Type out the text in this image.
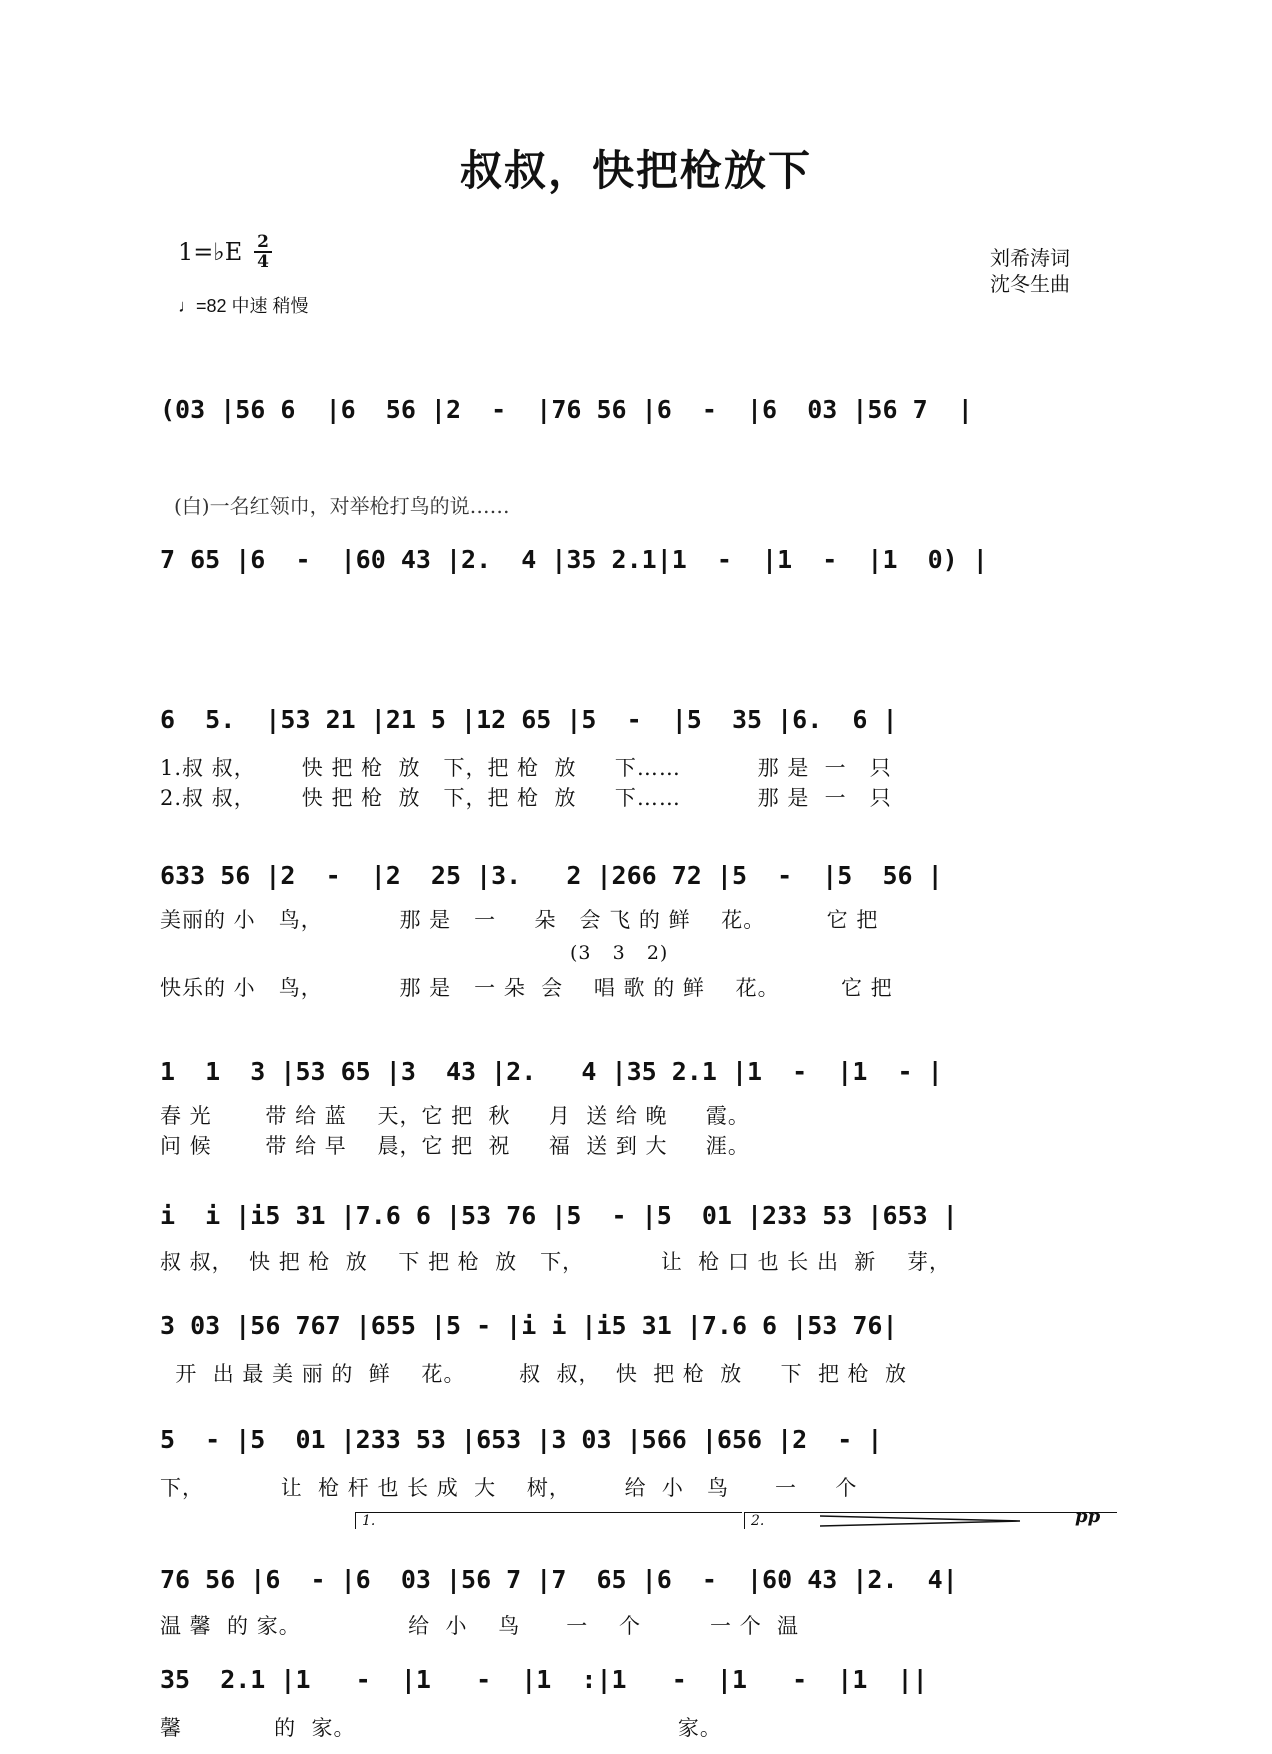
叔叔，快把枪放下
1=♭E 2
4
♩=82 中速 稍慢
刘希涛词
沈冬生曲
(03 |56 6  |6  56 |2  -  |76 56 |6  -  |6  03 |56 7  |
7 65 |6  -  |60 43 |2.  4 |35 2.1|1  -  |1  -  |1  0) |
(白)一名红领巾，对举枪打鸟的说……
6  5.  |53 21 |21 5 |12 65 |5  -  |5  35 |6.  6 |
1.叔 叔，      快 把 枪  放   下，把 枪  放     下……          那 是  一   只
2.叔 叔，      快 把 枪  放   下，把 枪  放     下……          那 是  一   只
633 56 |2  -  |2  25 |3.   2 |266 72 |5  -  |5  56 |
美丽的 小   鸟，          那 是   一     朵   会 飞 的 鲜    花。        它 把
(3   3   2)
快乐的 小   鸟，          那 是   一 朵  会    唱 歌 的 鲜    花。        它 把
1  1  3 |53 65 |3  43 |2.   4 |35 2.1 |1  -  |1  - |
春 光       带 给 蓝    天，它 把  秋     月  送 给 晚     霞。
问 候       带 给 早    晨，它 把  祝     福  送 到 大     涯。
i  i |i5 31 |7.6 6 |53 76 |5  - |5  01 |233 53 |653 |
叔 叔，  快 把 枪  放    下 把 枪  放   下，          让  枪 口 也 长 出  新    芽，
3 03 |56 767 |655 |5 - |i i |i5 31 |7.6 6 |53 76|
开  出 最 美 丽 的  鲜    花。       叔  叔，  快  把 枪  放     下  把 枪  放
5  - |5  01 |233 53 |653 |3 03 |566 |656 |2  - |
下，          让  枪 杆 也 长 成  大    树，       给  小   鸟      一     个
1.	2.	pp
76 56 |6  - |6  03 |56 7 |7  65 |6  -  |60 43 |2.  4|
温 馨  的 家。              给  小    鸟      一    个         一 个  温
35  2.1 |1   -  |1   -  |1  :|1   -  |1   -  |1  ||
馨            的  家。                                          家。
